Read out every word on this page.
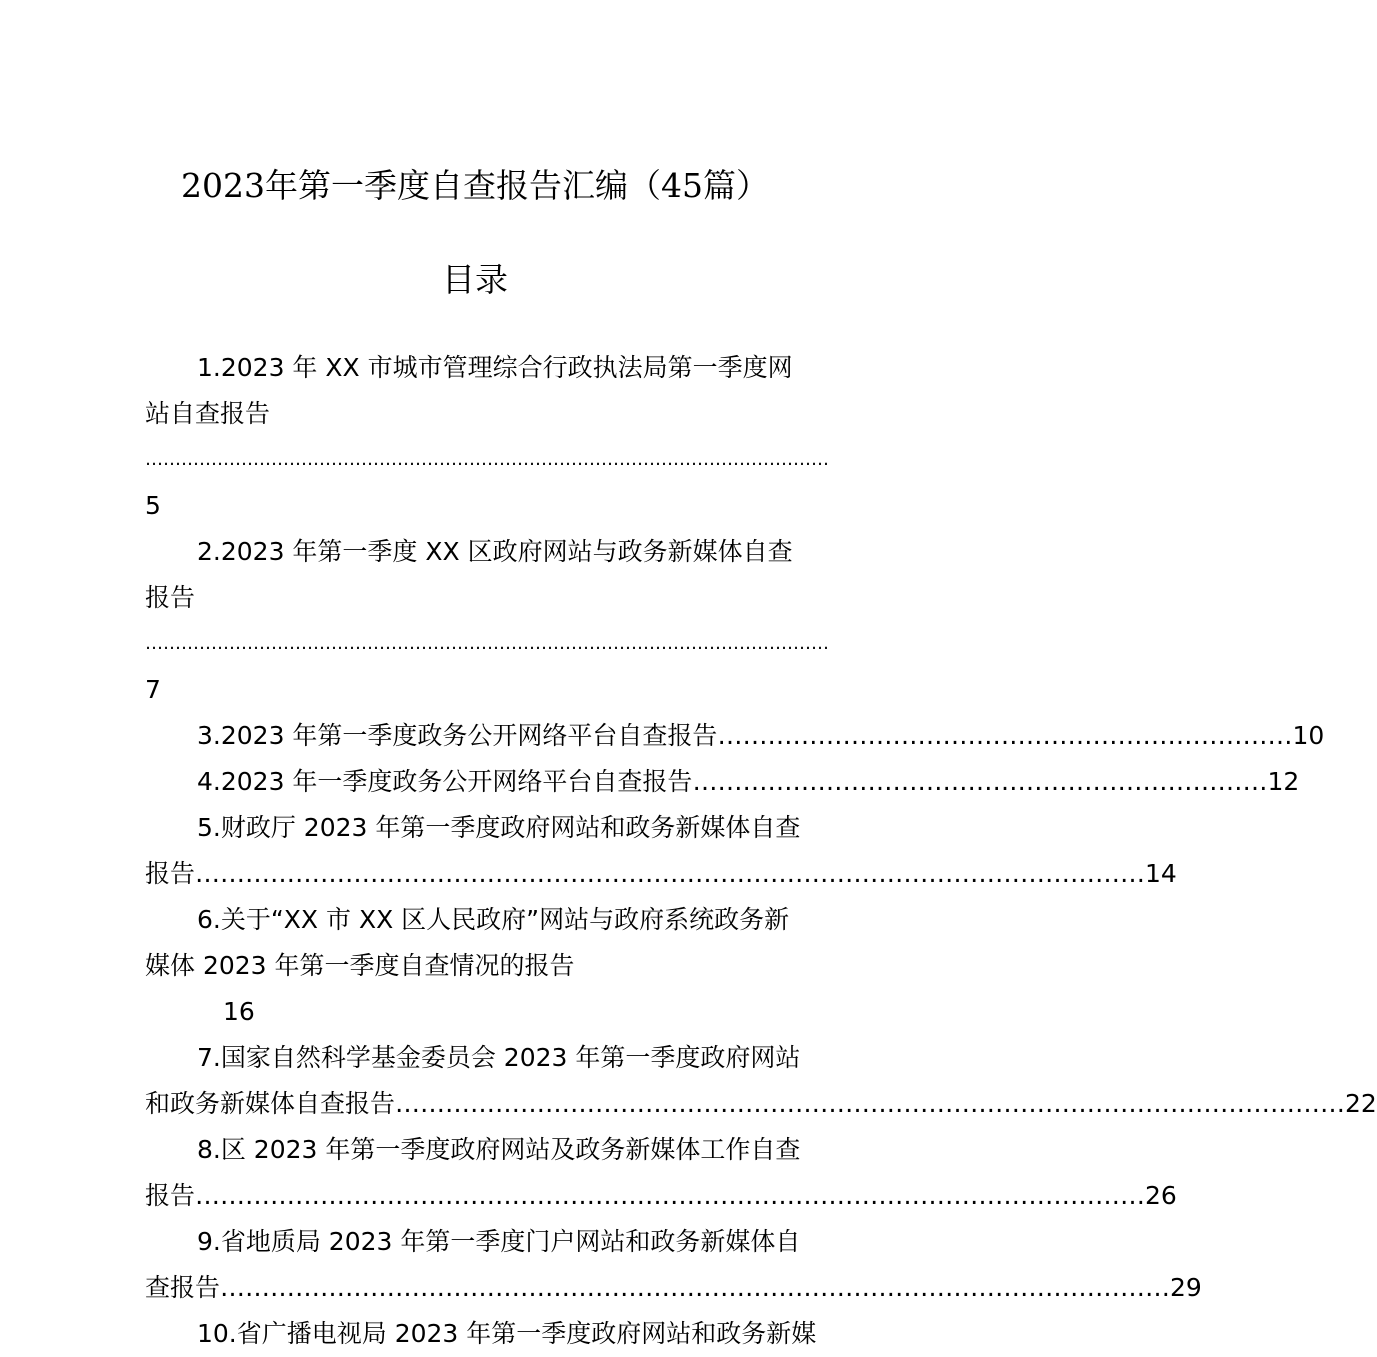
2023年第一季度自查报告汇编（45篇）
目录
1.2023 年 XX 市城市管理综合行政执法局第一季度网
站自查报告
……………………………………………………………………………………………………
5
2.2023 年第一季度 XX 区政府网站与政务新媒体自查
报告
……………………………………………………………………………………………………
7
3.2023 年第一季度政务公开网络平台自查报告 …………………………………………………………… 10
4.2023 年一季度政务公开网络平台自查报告 …………………………………………………………… 12
5.财政厅 2023 年第一季度政府网站和政务新媒体自查
报告 …………………………………………………………………………………………………… 14
6.关于“XX 市 XX 区人民政府”网站与政府系统政务新
媒体 2023 年第一季度自查情况的报告
16
7.国家自然科学基金委员会 2023 年第一季度政府网站
和政务新媒体自查报告 …………………………………………………………………………………………………… 22
8.区 2023 年第一季度政府网站及政务新媒体工作自查
报告 …………………………………………………………………………………………………… 26
9.省地质局 2023 年第一季度门户网站和政务新媒体自
查报告 …………………………………………………………………………………………………… 29
10.省广播电视局 2023 年第一季度政府网站和政务新媒
